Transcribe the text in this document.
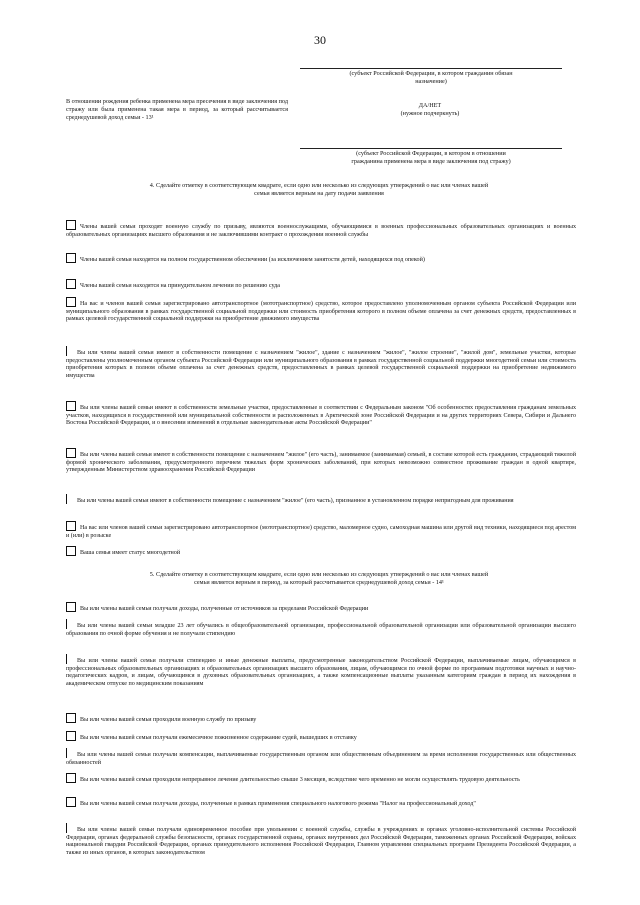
30
(субъект Российской Федерации, в котором гражданин обязан
назначение)
В отношении рождения ребенка применена мера пресечения в виде заключения под стражу или была применена такая мера в период, за который рассчитывается среднедушевой доход семьи - 13¹
ДА/НЕТ
(нужное подчеркнуть)
(субъект Российской Федерации, в котором в отношении
гражданина применена мера в виде заключения под стражу)
4. Сделайте отметку в соответствующем квадрате, если одно или несколько из следующих утверждений о вас или членах вашей
семьи является верным на дату подачи заявления
Члены вашей семьи проходят военную службу по призыву, являются военнослужащими, обучающимися в военных профессиональных образовательных организациях и военных образовательных организациях высшего образования и не заключившими контракт о прохождении военной службы
Члены вашей семьи находятся на полном государственном обеспечении (за исключением занятости детей, находящихся под опекой)
Члены вашей семьи находятся на принудительном лечении по решению суда
На вас и членов вашей семьи зарегистрировано автотранспортное (мототранспортное) средство, которое предоставлено уполномоченным органом субъекта Российской Федерации или муниципального образования в рамках государственной социальной поддержки или стоимость приобретения которого в полном объеме оплачена за счет денежных средств, предоставленных в рамках целевой государственной социальной поддержки на приобретение движимого имущества
Вы или члены вашей семьи имеют в собственности помещение с назначением "жилое", здание с назначением "жилое", "жилое строение", "жилой дом", земельные участки, которые предоставлены уполномоченным органом субъекта Российской Федерации или муниципального образования в рамках государственной социальной поддержки многодетной семьи или стоимость приобретения которых в полном объеме оплачена за счет денежных средств, предоставленных в рамках целевой государственной социальной поддержки на приобретение недвижимого имущества
Вы или члены вашей семьи имеют в собственности земельные участки, предоставленные в соответствии с Федеральным законом "Об особенностях предоставления гражданам земельных участков, находящихся в государственной или муниципальной собственности и расположенных в Арктической зоне Российской Федерации и на других территориях Севера, Сибири и Дальнего Востока Российской Федерации, и о внесении изменений в отдельные законодательные акты Российской Федерации"
Вы или члены вашей семьи имеют в собственности помещение с назначением "жилое" (его часть), занимаемое (занимаемая) семьей, в составе которой есть гражданин, страдающий тяжелой формой хронического заболевания, предусмотренного перечнем тяжелых форм хронических заболеваний, при которых невозможно совместное проживание граждан в одной квартире, утвержденным Министерством здравоохранения Российской Федерации
Вы или члены вашей семьи имеют в собственности помещение с назначением "жилое" (его часть), признанное в установленном порядке непригодным для проживания
На вас или членов вашей семьи зарегистрировано автотранспортное (мототранспортное) средство, маломерное судно, самоходная машина или другой вид техники, находящиеся под арестом и (или) в розыске
Ваша семья имеет статус многодетной
5. Сделайте отметку в соответствующем квадрате, если одно или несколько из следующих утверждений о вас или членах вашей
семьи является верным в период, за который рассчитывается среднедушевой доход семьи - 14¹
Вы или члены вашей семьи получали доходы, полученные от источников за пределами Российской Федерации
Вы или члены вашей семьи младше 23 лет обучались в общеобразовательной организации, профессиональной образовательной организации или образовательной организации высшего образования по очной форме обучения и не получали стипендию
Вы или члены вашей семьи получали стипендию и иные денежные выплаты, предусмотренные законодательством Российской Федерации, выплачиваемые лицам, обучающимся в профессиональных образовательных организациях и образовательных организациях высшего образования, лицам, обучающимся по очной форме по программам подготовки научных и научно-педагогических кадров, и лицам, обучающимся в духовных образовательных организациях, а также компенсационные выплаты указанным категориям граждан в период их нахождения в академическом отпуске по медицинским показаниям
Вы или члены вашей семьи проходили военную службу по призыву
Вы или члены вашей семьи получали ежемесячное пожизненное содержание судей, вышедших в отставку
Вы или члены вашей семьи получали компенсации, выплачиваемые государственным органом или общественным объединением за время исполнения государственных или общественных обязанностей
Вы или члены вашей семьи проходили непрерывное лечение длительностью свыше 3 месяцев, вследствие чего временно не могли осуществлять трудовую деятельность
Вы или члены вашей семьи получали доходы, полученные в рамках применения специального налогового режима "Налог на профессиональный доход"
Вы или члены вашей семьи получали единовременное пособие при увольнении с военной службы, службы в учреждениях и органах уголовно-исполнительной системы Российской Федерации, органах федеральной службы безопасности, органах государственной охраны, органах внутренних дел Российской Федерации, таможенных органах Российской Федерации, войсках национальной гвардии Российской Федерации, органах принудительного исполнения Российской Федерации, Главном управлении специальных программ Президента Российской Федерации, а также из иных органов, в которых законодательством
